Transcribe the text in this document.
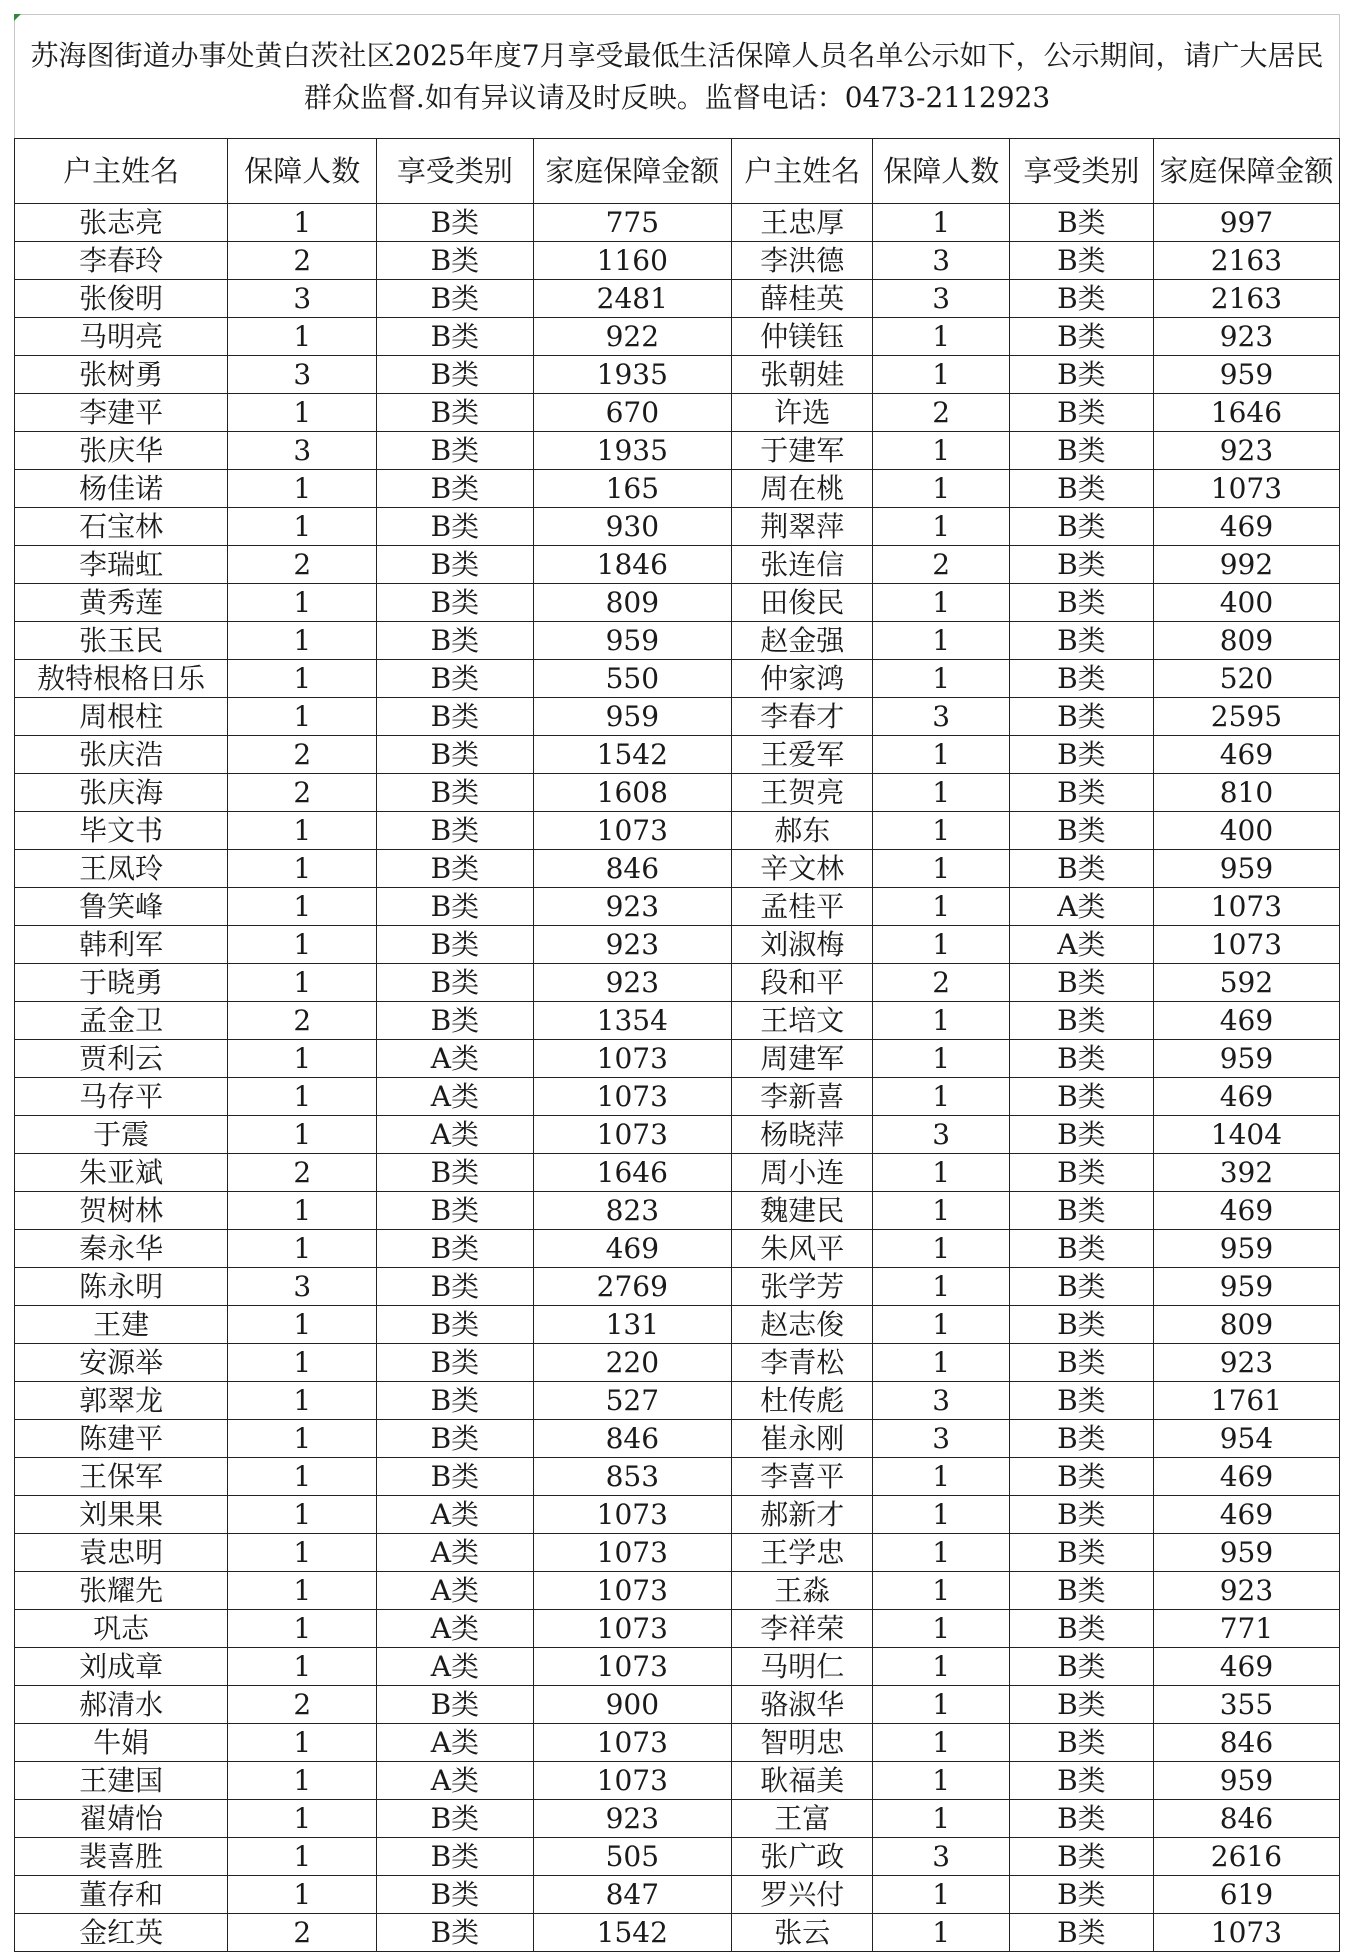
苏海图街道办事处黄白茨社区2025年度7月享受最低生活保障人员名单公示如下，公示期间，请广大居民群众监督.如有异议请及时反映。监督电话：0473-2112923
户主姓名	保障人数	享受类别	家庭保障金额	户主姓名	保障人数	享受类别	家庭保障金额
张志亮	1	B类	775	王忠厚	1	B类	997
李春玲	2	B类	1160	李洪德	3	B类	2163
张俊明	3	B类	2481	薛桂英	3	B类	2163
马明亮	1	B类	922	仲镁钰	1	B类	923
张树勇	3	B类	1935	张朝娃	1	B类	959
李建平	1	B类	670	许选	2	B类	1646
张庆华	3	B类	1935	于建军	1	B类	923
杨佳诺	1	B类	165	周在桃	1	B类	1073
石宝林	1	B类	930	荆翠萍	1	B类	469
李瑞虹	2	B类	1846	张连信	2	B类	992
黄秀莲	1	B类	809	田俊民	1	B类	400
张玉民	1	B类	959	赵金强	1	B类	809
敖特根格日乐	1	B类	550	仲家鸿	1	B类	520
周根柱	1	B类	959	李春才	3	B类	2595
张庆浩	2	B类	1542	王爱军	1	B类	469
张庆海	2	B类	1608	王贺亮	1	B类	810
毕文书	1	B类	1073	郝东	1	B类	400
王凤玲	1	B类	846	辛文林	1	B类	959
鲁笑峰	1	B类	923	孟桂平	1	A类	1073
韩利军	1	B类	923	刘淑梅	1	A类	1073
于晓勇	1	B类	923	段和平	2	B类	592
孟金卫	2	B类	1354	王培文	1	B类	469
贾利云	1	A类	1073	周建军	1	B类	959
马存平	1	A类	1073	李新喜	1	B类	469
于震	1	A类	1073	杨晓萍	3	B类	1404
朱亚斌	2	B类	1646	周小连	1	B类	392
贺树林	1	B类	823	魏建民	1	B类	469
秦永华	1	B类	469	朱风平	1	B类	959
陈永明	3	B类	2769	张学芳	1	B类	959
王建	1	B类	131	赵志俊	1	B类	809
安源举	1	B类	220	李青松	1	B类	923
郭翠龙	1	B类	527	杜传彪	3	B类	1761
陈建平	1	B类	846	崔永刚	3	B类	954
王保军	1	B类	853	李喜平	1	B类	469
刘果果	1	A类	1073	郝新才	1	B类	469
袁忠明	1	A类	1073	王学忠	1	B类	959
张耀先	1	A类	1073	王淼	1	B类	923
巩志	1	A类	1073	李祥荣	1	B类	771
刘成章	1	A类	1073	马明仁	1	B类	469
郝清水	2	B类	900	骆淑华	1	B类	355
牛娟	1	A类	1073	智明忠	1	B类	846
王建国	1	A类	1073	耿福美	1	B类	959
翟婧怡	1	B类	923	王富	1	B类	846
裴喜胜	1	B类	505	张广政	3	B类	2616
董存和	1	B类	847	罗兴付	1	B类	619
金红英	2	B类	1542	张云	1	B类	1073
